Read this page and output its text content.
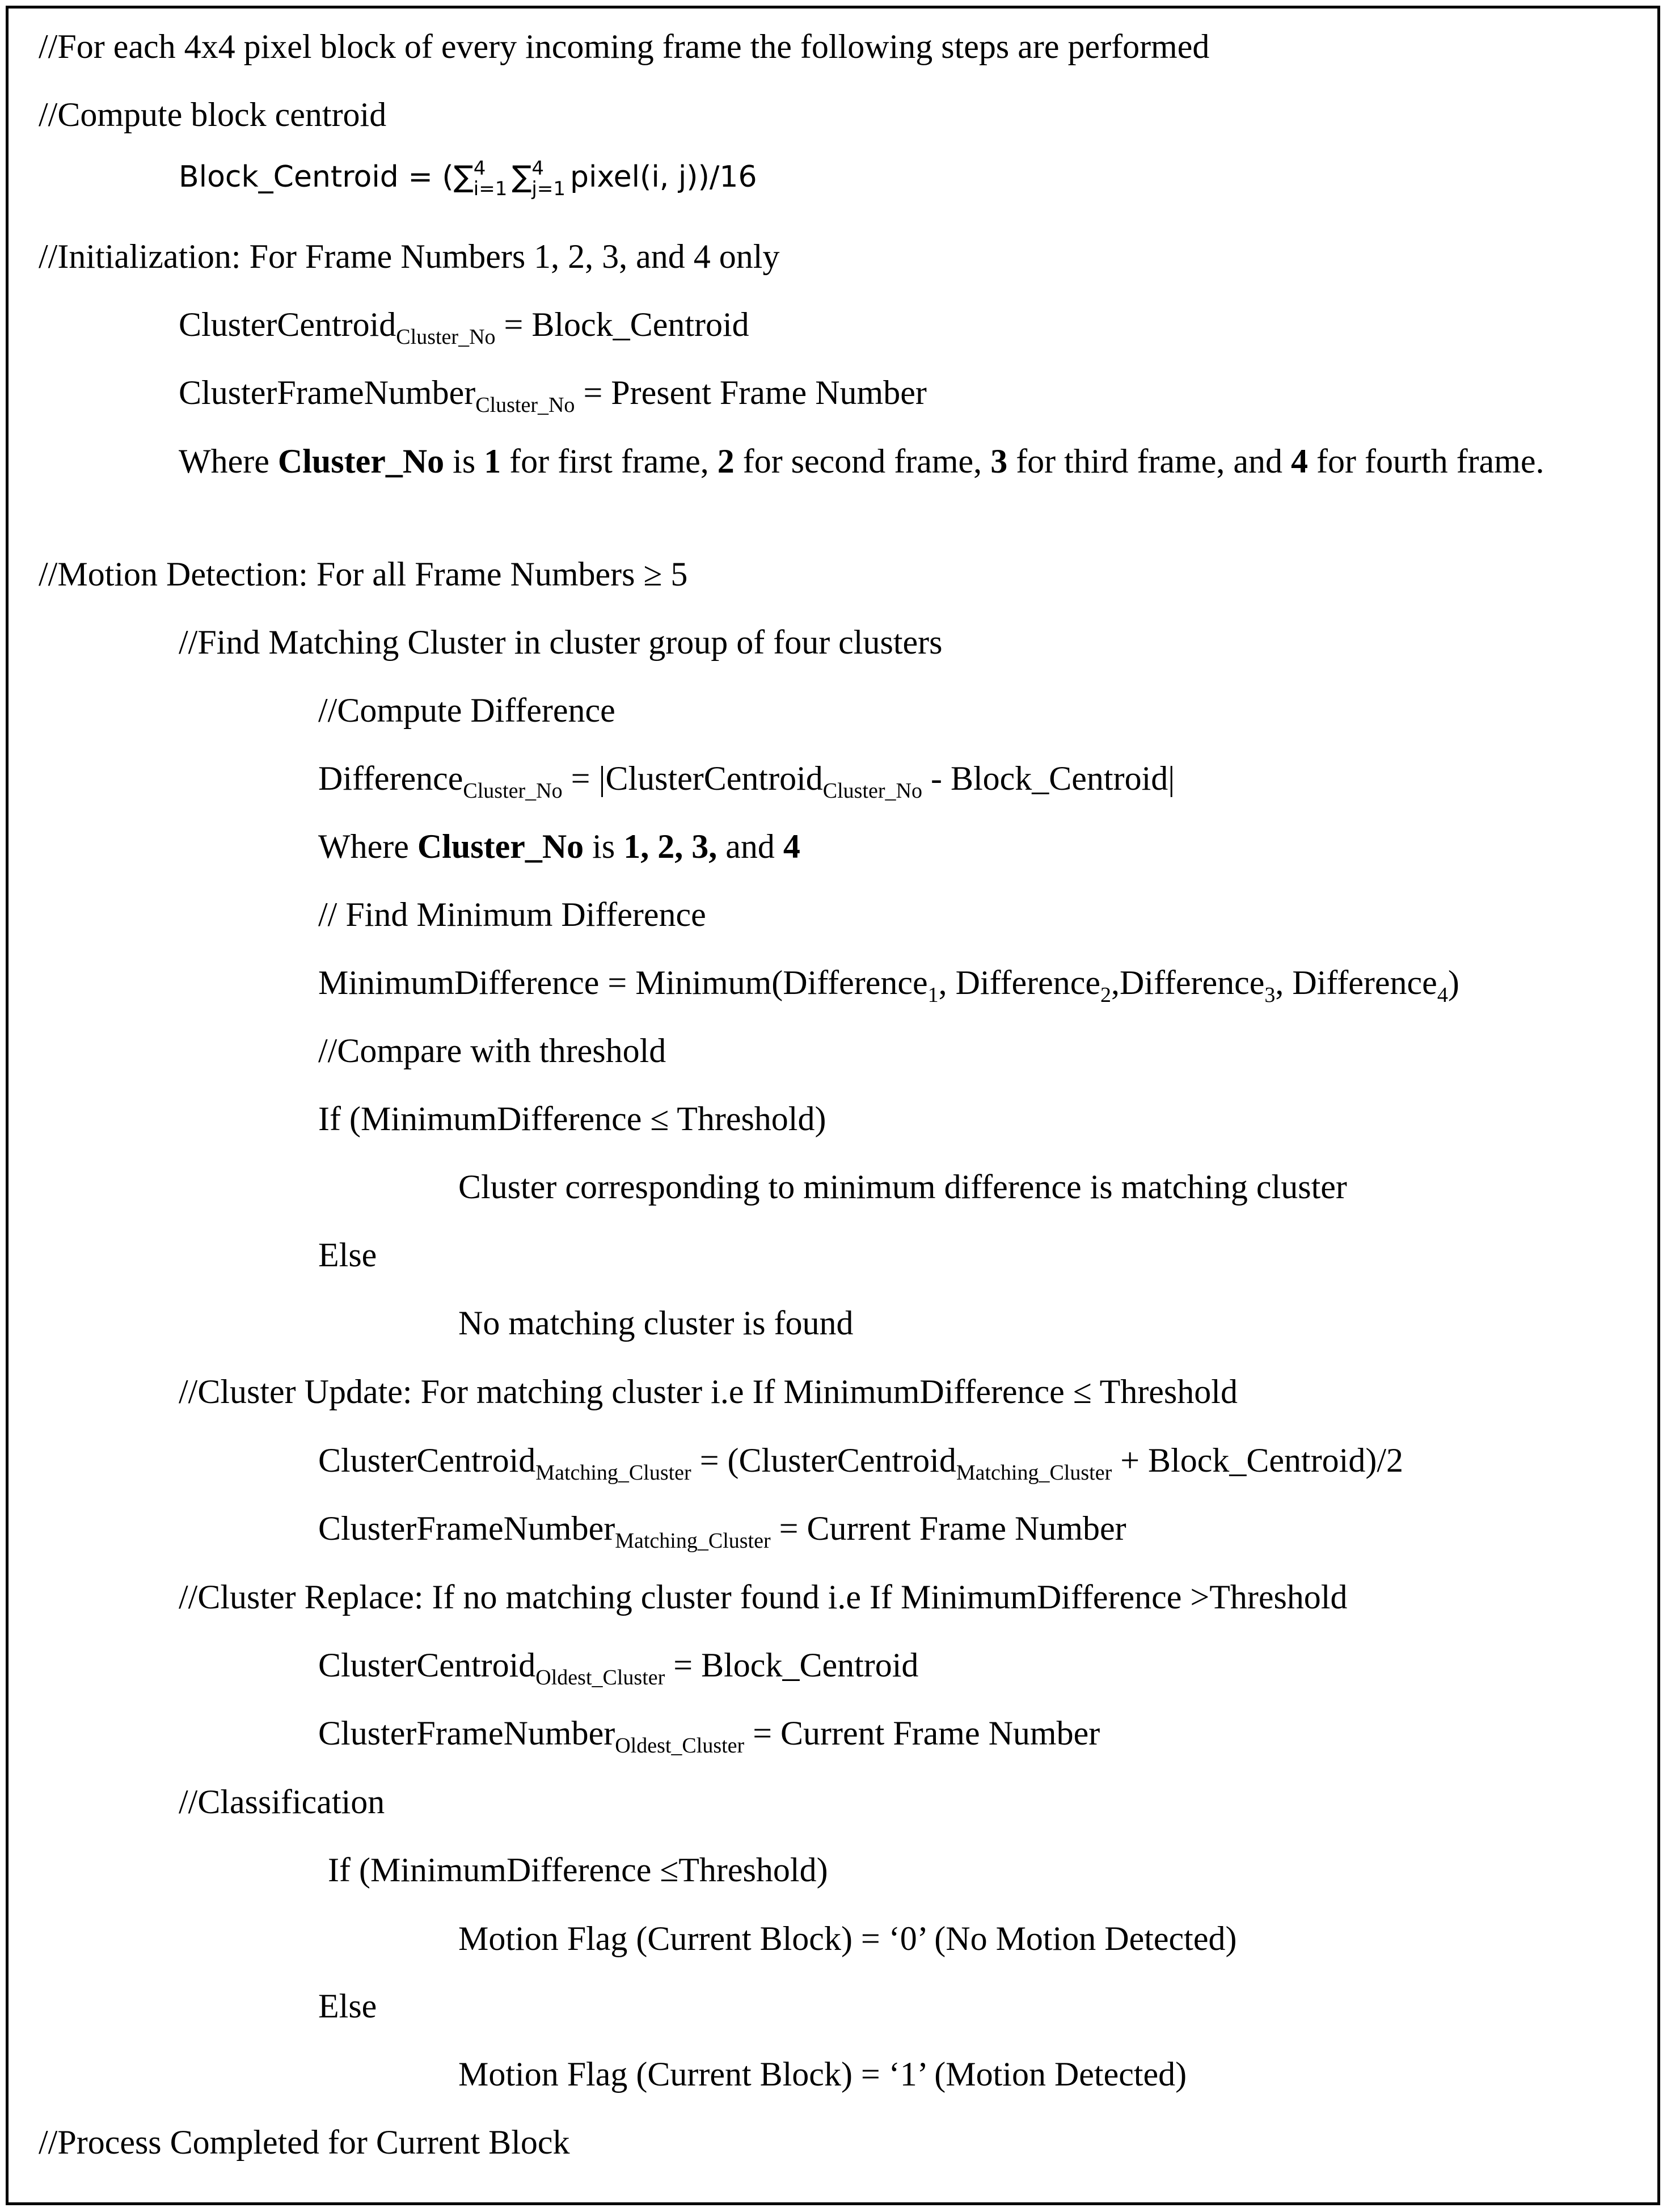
//For each 4x4 pixel block of every incoming frame the following steps are performed
//Compute block centroid
Block_Centroid = (∑ 4
i=1 ∑ 4
j=1 pixel(i, j))/16
//Initialization: For Frame Numbers 1, 2, 3, and 4 only
ClusterCentroid$_{Cluster\_No}$ = Block_Centroid
ClusterFrameNumber$_{Cluster\_No}$ = Present Frame Number
Where Cluster_No is 1 for first frame, 2 for second frame, 3 for third frame, and 4 for fourth frame.
//Motion Detection: For all Frame Numbers ≥ 5
//Find Matching Cluster in cluster group of four clusters
//Compute Difference
Difference$_{Cluster\_No}$ = |ClusterCentroid$_{Cluster\_No}$ - Block_Centroid|
Where Cluster_No is 1, 2, 3, and 4
// Find Minimum Difference
MinimumDifference = Minimum(Difference$_1$, Difference$_2$,Difference$_3$, Difference$_4$)
//Compare with threshold
If (MinimumDifference ≤ Threshold)
Cluster corresponding to minimum difference is matching cluster
Else
No matching cluster is found
//Cluster Update: For matching cluster i.e If MinimumDifference ≤ Threshold
ClusterCentroid$_{Matching\_Cluster}$ = (ClusterCentroid$_{Matching\_Cluster}$ + Block_Centroid)/2
ClusterFrameNumber$_{Matching\_Cluster}$ = Current Frame Number
//Cluster Replace: If no matching cluster found i.e If MinimumDifference >Threshold
ClusterCentroid$_{Oldest\_Cluster}$ = Block_Centroid
ClusterFrameNumber$_{Oldest\_Cluster}$ = Current Frame Number
//Classification
If (MinimumDifference ≤Threshold)
Motion Flag (Current Block) = ‘0’ (No Motion Detected)
Else
Motion Flag (Current Block) = ‘1’ (Motion Detected)
//Process Completed for Current Block
